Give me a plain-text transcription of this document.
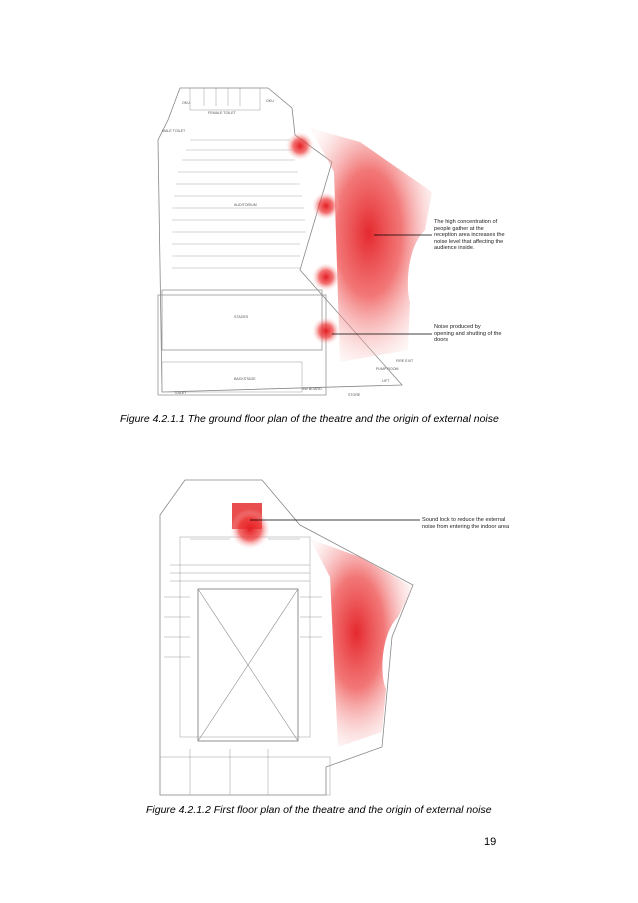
FEMALE TOILET
OKU	OKU
MALE TOILET
AUDITORIUM
STAGES
BACKSTAGE
TOILET
SW BOARD
LIFT
STORE
PUMP ROOM
FIRE EXIT
The high concentration of people gather at the reception area increases the noise level that affecting the audience inside.
Noise produced by opening and shutting of the doors
Figure 4.2.1.1 The ground floor plan of the theatre and the origin of external noise
Sound lock to reduce the external noise from entering the indoor area
Figure 4.2.1.2 First floor plan of the theatre and the origin of external noise
19
